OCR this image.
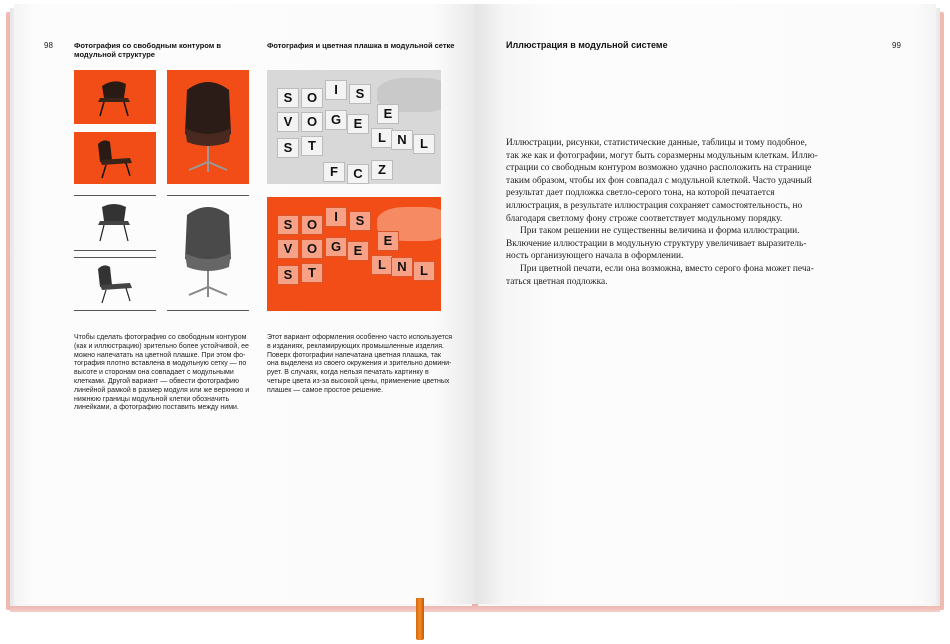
98	Фотография со свободным контуром в модульной структуре
Фотография и цветная плашка в модульной сетке
S	O
I	S
E
V	O	G E
L
S	T	N	L
F	C	Z
S	O
I	S
E
V	O	G E
L
S	T	N	L

Чтобы сделать фотографию со свободным контуром (как и иллюстрацию) зрительно более устойчивой, ее можно напечатать на цветной плашке. При этом фотография плотно вставлена в модульную сетку — по высоте и сторонам она совпадает с модульными клетками. Другой вариант — обвести фотографию линейной рамкой в размер модуля или же верхнюю и нижнюю границы модульной клетки обозначить линейками, а фотографию поставить между ними.

Этот вариант оформления особенно часто используется в изданиях, рекламирующих промышленные изделия. Поверх фотографии напечатана цветная плашка, так она выделена из своего окружения и зрительно доминирует. В случаях, когда нельзя печатать картинку в четыре цвета из-за высокой цены, применение цветных плашек — самое простое решение.

Иллюстрация в модульной системе	99

Иллюстрации, рисунки, статистические данные, таблицы и тому подобное, так же как и фотографии, могут быть соразмерны модульным клеткам. Иллюстрации со свободным контуром возможно удачно расположить на странице таким образом, чтобы их фон совпадал с модульной клеткой. Часто удачный результат дает подложка светло-серого тона, на которой печатается иллюстрация, в результате иллюстрация сохраняет самостоятельность, но благодаря светлому фону строже соответствует модульному порядку.

При таком решении не существенны величина и форма иллюстрации. Включение иллюстрации в модульную структуру увеличивает выразительность организующего начала в оформлении.

При цветной печати, если она возможна, вместо серого фона может печататься цветная подложка.
